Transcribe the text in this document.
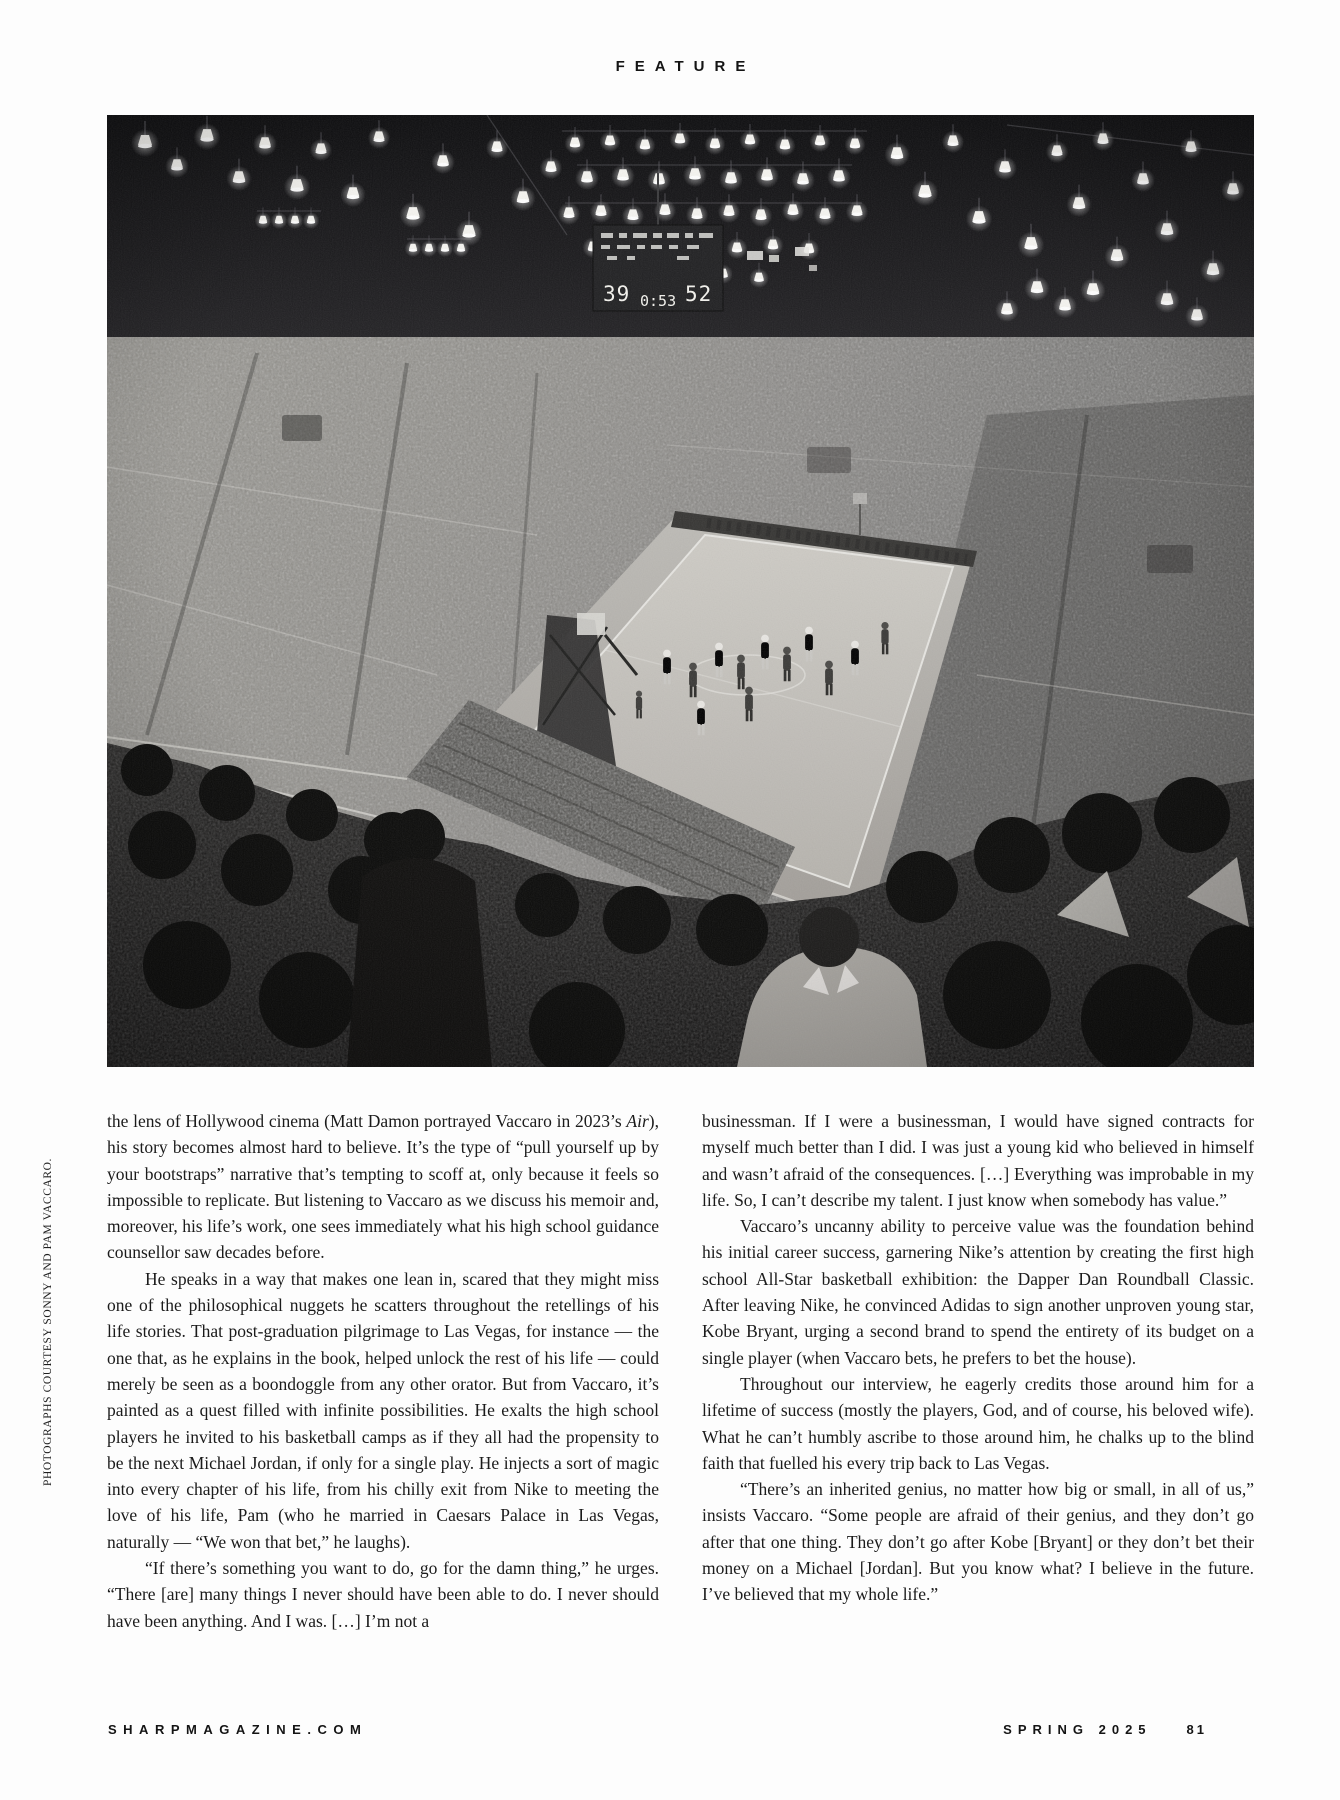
FEATURE
PHOTOGRAPHS COURTESY SONNY AND PAM VACCARO.

the lens of Hollywood cinema (Matt Damon portrayed Vaccaro in 2023’s Air), his story becomes almost hard to believe. It’s the type of “pull yourself up by your bootstraps” narrative that’s tempting to scoff at, only because it feels so impossible to replicate. But listening to Vaccaro as we discuss his memoir and, moreover, his life’s work, one sees immediately what his high school guidance counsellor saw decades before.

He speaks in a way that makes one lean in, scared that they might miss one of the philosophical nuggets he scatters throughout the retellings of his life stories. That post-graduation pilgrimage to Las Vegas, for instance — the one that, as he explains in the book, helped unlock the rest of his life — could merely be seen as a boondoggle from any other orator. But from Vaccaro, it’s painted as a quest filled with infinite possibilities. He exalts the high school players he invited to his basketball camps as if they all had the propensity to be the next Michael Jordan, if only for a single play. He injects a sort of magic into every chapter of his life, from his chilly exit from Nike to meeting the love of his life, Pam (who he married in Caesars Palace in Las Vegas, naturally — “We won that bet,” he laughs).

“If there’s something you want to do, go for the damn thing,” he urges. “There [are] many things I never should have been able to do. I never should have been anything. And I was. […] I’m not a

businessman. If I were a businessman, I would have signed contracts for myself much better than I did. I was just a young kid who believed in himself and wasn’t afraid of the consequences. […] Everything was improbable in my life. So, I can’t describe my talent. I just know when somebody has value.”

Vaccaro’s uncanny ability to perceive value was the foundation behind his initial career success, garnering Nike’s attention by creating the first high school All-Star basketball exhibition: the Dapper Dan Roundball Classic. After leaving Nike, he convinced Adidas to sign another unproven young star, Kobe Bryant, urging a second brand to spend the entirety of its budget on a single player (when Vaccaro bets, he prefers to bet the house).

Throughout our interview, he eagerly credits those around him for a lifetime of success (mostly the players, God, and of course, his beloved wife). What he can’t humbly ascribe to those around him, he chalks up to the blind faith that fuelled his every trip back to Las Vegas.

“There’s an inherited genius, no matter how big or small, in all of us,” insists Vaccaro. “Some people are afraid of their genius, and they don’t go after that one thing. They don’t go after Kobe [Bryant] or they don’t bet their money on a Michael [Jordan]. But you know what? I believe in the future. I’ve believed that my whole life.”

SHARPMAGAZINE.COM	SPRING 2025	81
